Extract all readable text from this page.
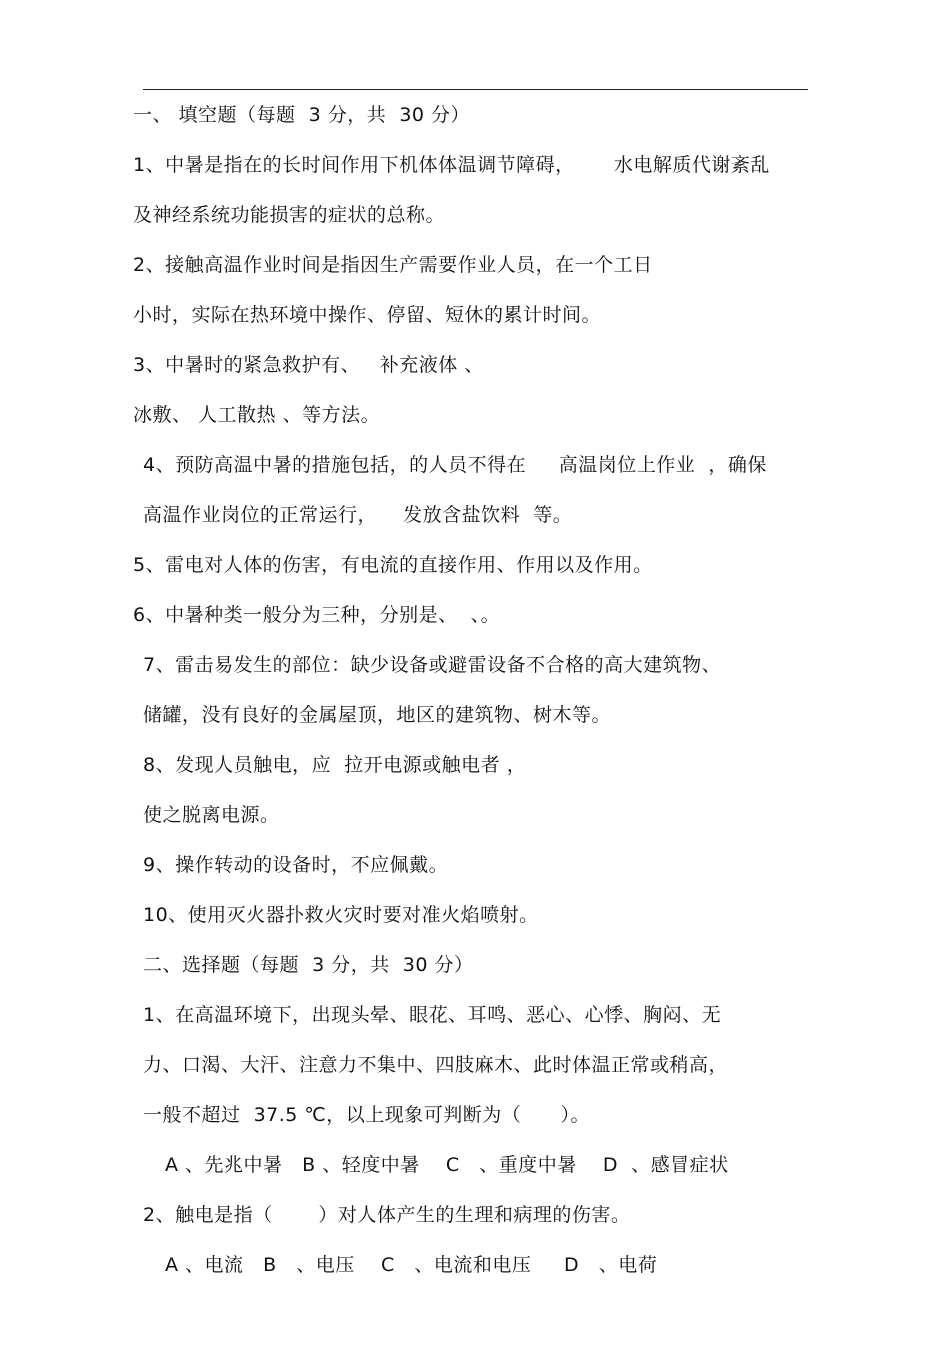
一、 填空题（每题  3 分，共  30 分）
1、中暑是指在的长时间作用下机体体温调节障碍，      水电解质代谢紊乱
及神经系统功能损害的症状的总称。
2、接触高温作业时间是指因生产需要作业人员，在一个工日
小时，实际在热环境中操作、停留、短休的累计时间。
3、中暑时的紧急救护有、   补充液体 、
冰敷、 人工散热 、等方法。
4、预防高温中暑的措施包括，的人员不得在     高温岗位上作业  ，确保
高温作业岗位的正常运行，    发放含盐饮料  等。
5、雷电对人体的伤害，有电流的直接作用、作用以及作用。
6、中暑种类一般分为三种，分别是、  、。
7、雷击易发生的部位：缺少设备或避雷设备不合格的高大建筑物、
储罐，没有良好的金属屋顶，地区的建筑物、树木等。
8、发现人员触电，应  拉开电源或触电者 ，
使之脱离电源。
9、操作转动的设备时，不应佩戴。
10、使用灭火器扑救火灾时要对准火焰喷射。
二、选择题（每题  3 分，共  30 分）
1、在高温环境下，出现头晕、眼花、耳鸣、恶心、心悸、胸闷、无
力、口渴、大汗、注意力不集中、四肢麻木、此时体温正常或稍高，
一般不超过  37.5 ℃，以上现象可判断为（      ）。
A 、先兆中暑   B 、轻度中暑    C   、重度中暑    D  、感冒症状
2、触电是指（       ）对人体产生的生理和病理的伤害。
A 、电流   B   、电压    C   、电流和电压     D   、电荷
